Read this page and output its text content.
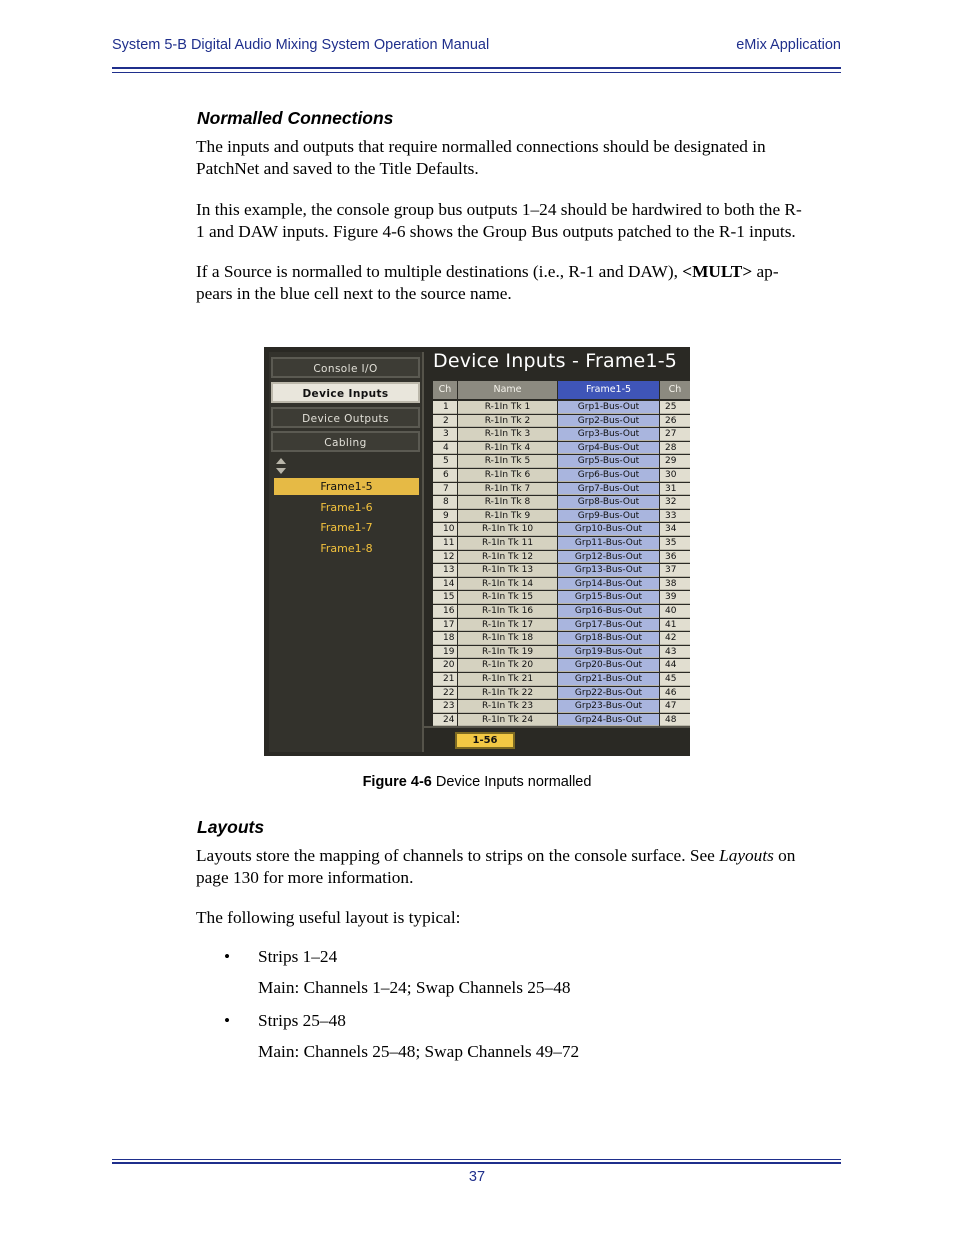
System 5-B Digital Audio Mixing System Operation Manual	eMix Application
Normalled Connections
The inputs and outputs that require normalled connections should be designated in
PatchNet and saved to the Title Defaults.
In this example, the console group bus outputs 1–24 should be hardwired to both the R-
1 and DAW inputs. Figure 4-6 shows the Group Bus outputs patched to the R-1 inputs.
If a Source is normalled to multiple destinations (i.e., R-1 and DAW), <MULT> ap-
pears in the blue cell next to the source name.
Console I/O
Device Inputs
Device Outputs
Cabling
Frame1-5
Frame1-6
Frame1-7
Frame1-8
Device Inputs - Frame1-5
Ch	Name	Frame1-5	Ch
1	R-1In Tk 1	Grp1-Bus-Out	25
2	R-1In Tk 2	Grp2-Bus-Out	26
3	R-1In Tk 3	Grp3-Bus-Out	27
4	R-1In Tk 4	Grp4-Bus-Out	28
5	R-1In Tk 5	Grp5-Bus-Out	29
6	R-1In Tk 6	Grp6-Bus-Out	30
7	R-1In Tk 7	Grp7-Bus-Out	31
8	R-1In Tk 8	Grp8-Bus-Out	32
9	R-1In Tk 9	Grp9-Bus-Out	33
10	R-1In Tk 10	Grp10-Bus-Out	34
11	R-1In Tk 11	Grp11-Bus-Out	35
12	R-1In Tk 12	Grp12-Bus-Out	36
13	R-1In Tk 13	Grp13-Bus-Out	37
14	R-1In Tk 14	Grp14-Bus-Out	38
15	R-1In Tk 15	Grp15-Bus-Out	39
16	R-1In Tk 16	Grp16-Bus-Out	40
17	R-1In Tk 17	Grp17-Bus-Out	41
18	R-1In Tk 18	Grp18-Bus-Out	42
19	R-1In Tk 19	Grp19-Bus-Out	43
20	R-1In Tk 20	Grp20-Bus-Out	44
21	R-1In Tk 21	Grp21-Bus-Out	45
22	R-1In Tk 22	Grp22-Bus-Out	46
23	R-1In Tk 23	Grp23-Bus-Out	47
24	R-1In Tk 24	Grp24-Bus-Out	48
1-56
Figure 4-6 Device Inputs normalled
Layouts
Layouts store the mapping of channels to strips on the console surface. See Layouts on
page 130 for more information.
The following useful layout is typical:
• Strips 1–24
Main: Channels 1–24; Swap Channels 25–48
• Strips 25–48
Main: Channels 25–48; Swap Channels 49–72
37
